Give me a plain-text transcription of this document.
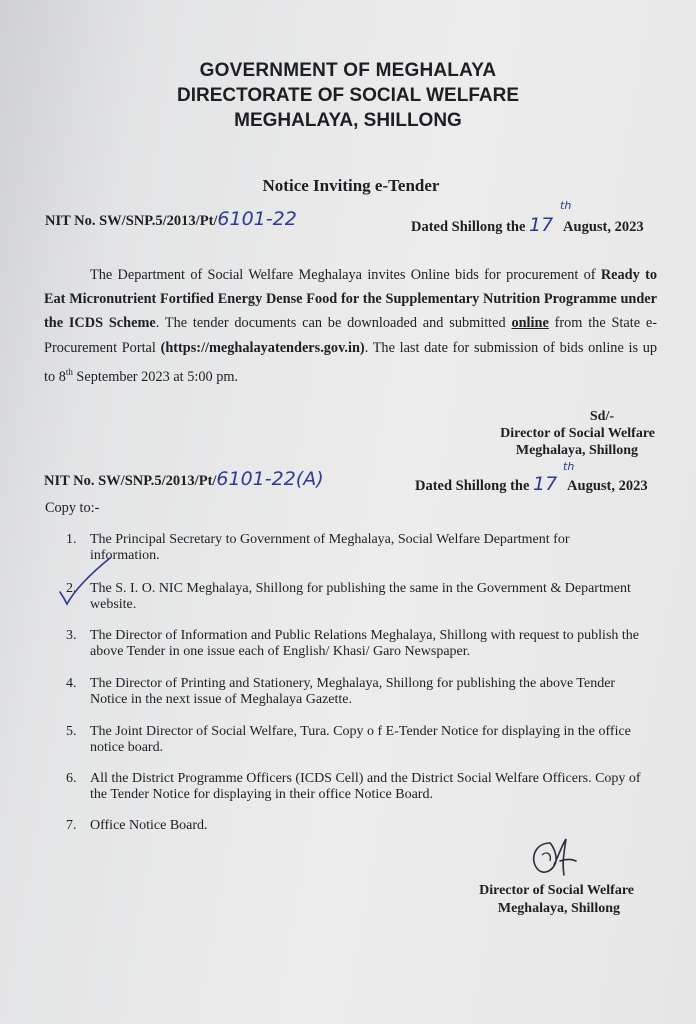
GOVERNMENT OF MEGHALAYA
DIRECTORATE OF SOCIAL WELFARE
MEGHALAYA, SHILLONG
Notice Inviting e-Tender
NIT No. SW/SNP.5/2013/Pt/6101-22	Dated Shillong the 17 August, 2023
th
The Department of Social Welfare Meghalaya invites Online bids for procurement of Ready to Eat Micronutrient Fortified Energy Dense Food for the Supplementary Nutrition Programme under the ICDS Scheme. The tender documents can be downloaded and submitted online from the State e-Procurement Portal (https://meghalayatenders.gov.in). The last date for submission of bids online is up to 8th September 2023 at 5:00 pm.
Sd/-
Director of Social Welfare
Meghalaya, Shillong
NIT No. SW/SNP.5/2013/Pt/6101-22(A)	Dated Shillong the 17 August, 2023
th
Copy to:-
1. The Principal Secretary to Government of Meghalaya, Social Welfare Department for information.
2. The S. I. O. NIC Meghalaya, Shillong for publishing the same in the Government & Department website.
3. The Director of Information and Public Relations Meghalaya, Shillong with request to publish the above Tender in one issue each of English/ Khasi/ Garo Newspaper.
4. The Director of Printing and Stationery, Meghalaya, Shillong for publishing the above Tender Notice in the next issue of Meghalaya Gazette.
5. The Joint Director of Social Welfare, Tura. Copy o f E-Tender Notice for displaying in the office notice board.
6. All the District Programme Officers (ICDS Cell) and the District Social Welfare Officers. Copy of the Tender Notice for displaying in their office Notice Board.
7. Office Notice Board.
Director of Social Welfare
Meghalaya, Shillong
